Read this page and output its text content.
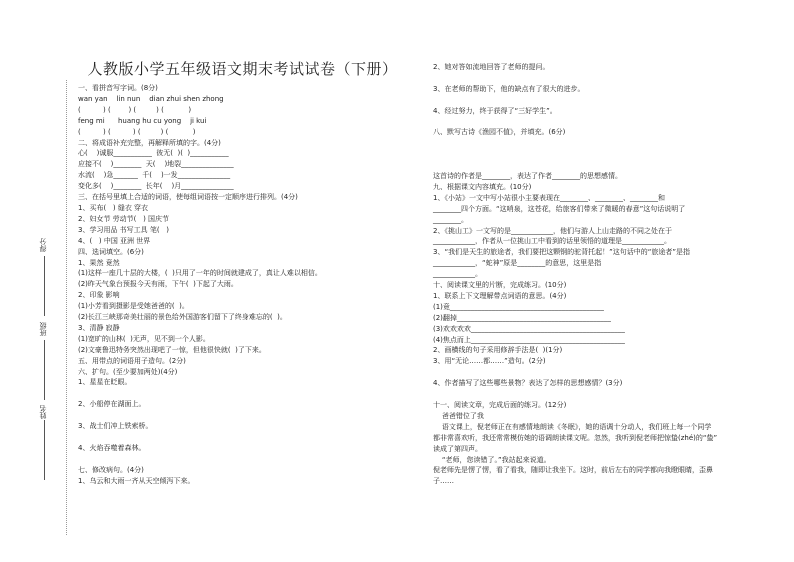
得分
班级
姓名
人教版小学五年级语文期末考试试卷（下册）
一、看拼音写字词。(8分)
wan yan    lin nun    dian zhui shen zhong
(          ) (        ) (         ) (           )
feng mi      huang hu cu yong    ji kui
(          ) (          ) (         ) (           )
二、将成语补充完整，再解释所填的字。(4分)
心(    )诚服___________  彼无(  )(  )___________
应接不(    )________  天(    )地裂_______________
水流(    )急_______  千(    )一发_______________
变化多(    )________  长年(    )月_______________
三、在括号里填上合适的词语，使每组词语按一定顺序进行排列。(4分)
1、买布(   ) 缝衣 穿衣
2、妇女节 劳动节(   ) 国庆节
3、学习用品 书写工具 笔(   )
4、(   ) 中国 亚洲 世界
四、选词填空。(6分)
1、果然 竟然
(1)这样一座几十层的大楼，(  )只用了一年的时间就建成了，真让人难以相信。
(2)昨天气象台预报今天有雨，下午(  )下起了大雨。
2、印象 影响
(1)小芳看到摄影是受她爸爸的(  )。
(2)长江三峡那奇美壮丽的景色给外国游客们留下了终身难忘的(  )。
3、清静 寂静
(1)宽旷的山林(  )无声，见不到一个人影。
(2)文豪鲁迅特务突然出现吧了一惊，但他很快就(  )了下来。
五、用带点的词语用子造句。(2分)
六、扩句。(至少要加两处)(4分)
1、星星在眨眼。
2、小船停在湖面上。
3、战士们冲上铁索桥。
4、火焰吞噬着森林。
七、修改病句。(4分)
1、乌云和大雨一齐从天空倾泻下来。
2、她对答如流地回答了老师的提问。
3、在老师的帮助下，他的缺点有了很大的进步。
4、经过努力，终于获得了“三好学生”。
八、默写古诗《渔园不值》，并填充。(6分)
这首诗的作者是________，表达了作者________的思想感情。
九、根据课文内容填充。(10分)
1、《小站》一文中写小站很小主要表现在________、________、________和
________四个方面。“这哨泉，这苍花，给旅客们带来了微暖的春意”这句话说明了
________。
2、《挑山工》一文写的是____________，他们与游人上山走路的不同之处在于
____________，作者从一位挑山工中看到的话里领悟的道理是____________。
3、“我们是天生的旅途者，我们要把这颗钢的驼背托起！”这句话中的“旅途者”是指
____________，“蛇神”原是________的意思，这里是指
____________。
十、阅读课文里的片断，完成练习。(10分)
1、联系上下文理解带点词语的意思。(4分)
(1)竟____________________________________________
(2)翻掉____________________________________________
(3)欢欢欢欢____________________________________________
(4)焦点而上____________________________________________
2、画横线的句子采用修辞手法是(  )(1分)
3、用“无论……都……”造句。(2分)
4、作者描写了这些哪些景物？表达了怎样的思想感情？(3分)
十一、阅读文章，完成后面的练习。(12分)
爸爸错位了我
语文课上，倪老师正在有感情地朗读《冬眠》，她的语调十分动人，我们班上每一个同学
都非常喜欢听，我还常常模仿她的语调朗读课文呢。忽然，我听到倪老师把惊蛰(zhé)的“蛰”
读成了第四声。
“老师，您读错了。”我站起来说道。
倪老师先是愣了愣，看了看我，随即让我坐下。这时，前后左右的同学都向我瞪眼睛，歪鼻
子……
